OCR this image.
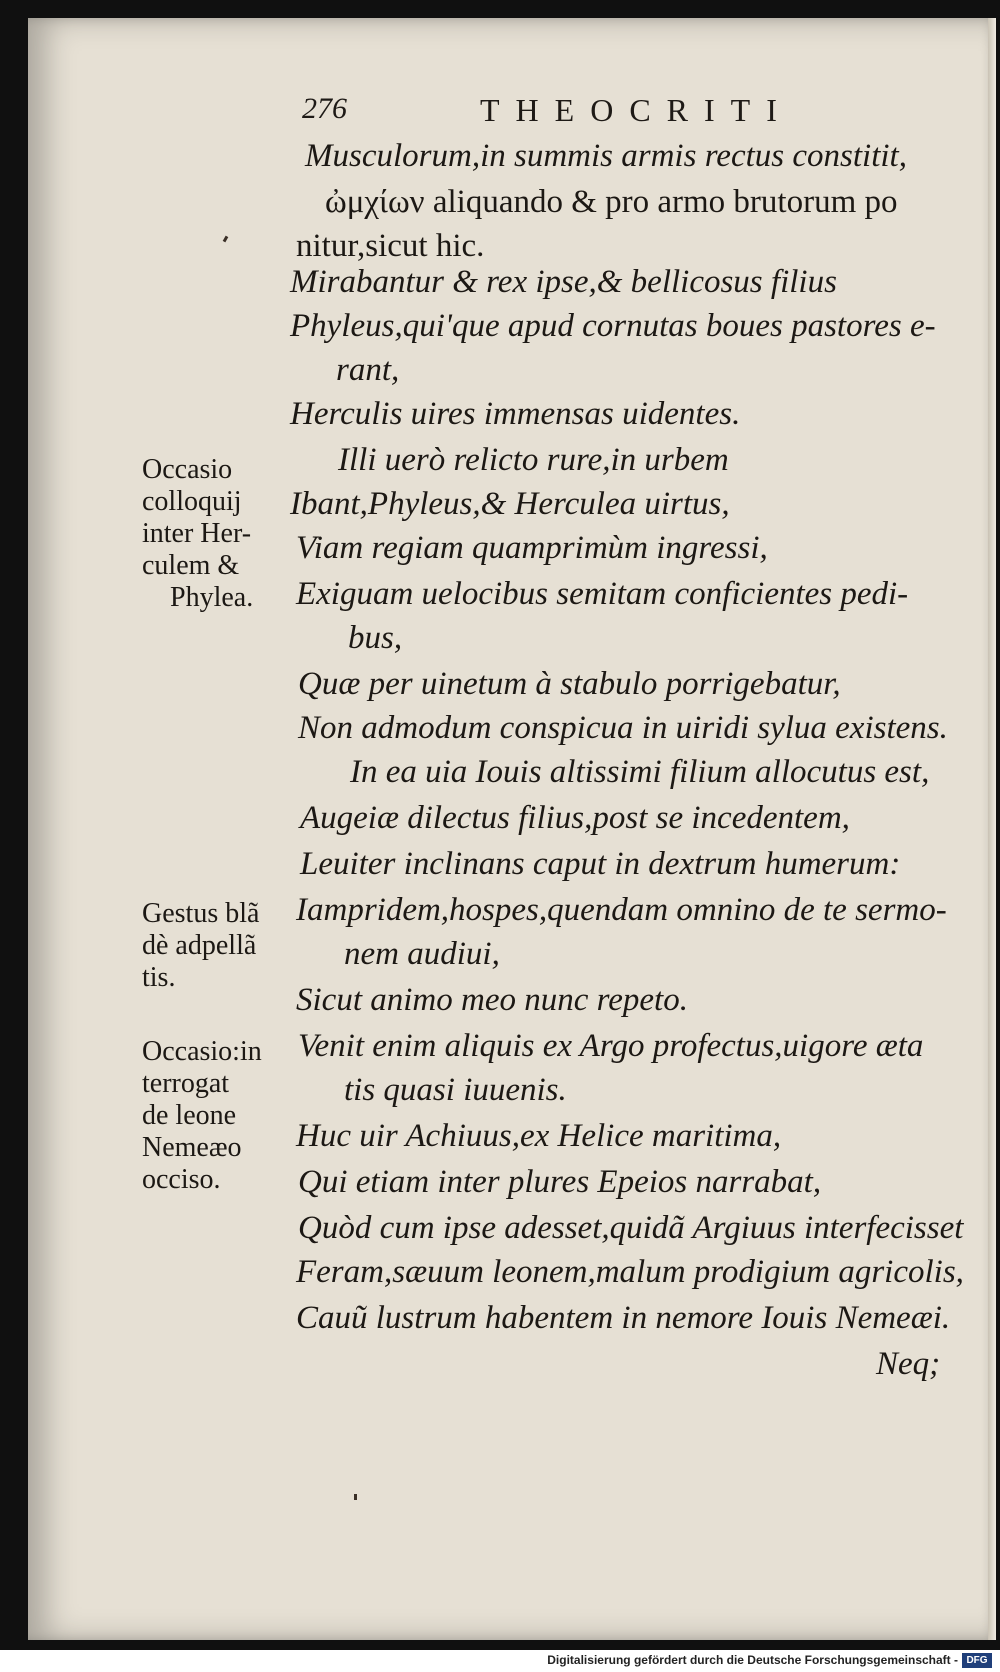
276	THEOCRITI
Musculorum,in summis armis rectus constitit,
ὠμχίων aliquando & pro armo brutorum po
nitur,sicut hic.
Mirabantur & rex ipse,& bellicosus filius
Phyleus,qui'que apud cornutas boues pastores e-
rant,
Herculis uires immensas uidentes.
Illi uerò relicto rure,in urbem
Ibant,Phyleus,& Herculea uirtus,
Viam regiam quamprimùm ingressi,
Exiguam uelocibus semitam conficientes pedi-
bus,
Quæ per uinetum à stabulo porrigebatur,
Non admodum conspicua in uiridi sylua existens.
In ea uia Iouis altissimi filium allocutus est,
Augeiæ dilectus filius,post se incedentem,
Leuiter inclinans caput in dextrum humerum:
Iampridem,hospes,quendam omnino de te sermo-
nem audiui,
Sicut animo meo nunc repeto.
Venit enim aliquis ex Argo profectus,uigore æta
tis quasi iuuenis.
Huc uir Achiuus,ex Helice maritima,
Qui etiam inter plures Epeios narrabat,
Quòd cum ipse adesset,quidã Argiuus interfecisset
Feram,sæuum leonem,malum prodigium agricolis,
Cauũ lustrum habentem in nemore Iouis Nemeæi.
Occasio
colloquij
inter Her-
culem &
Phylea.
Gestus blã
dè adpellã
tis.
Occasio:in
terrogat
de leone
Nemeæo
occiso.
Neq;
Digitalisierung gefördert durch die Deutsche Forschungsgemeinschaft - DFG
